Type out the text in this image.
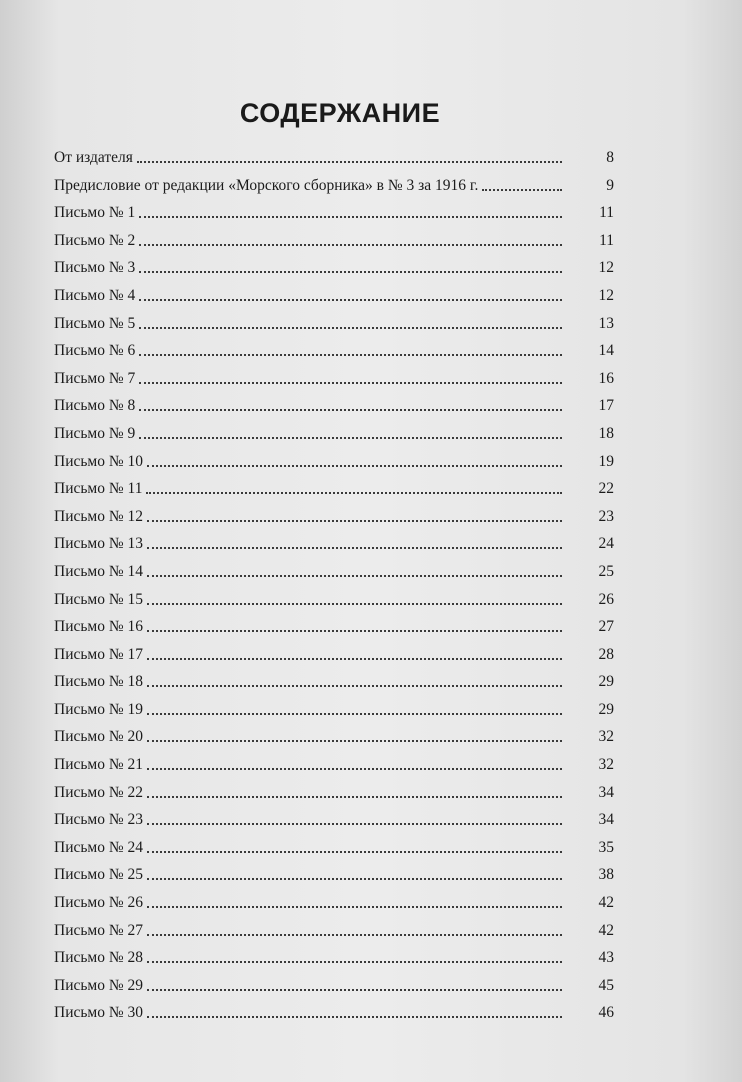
СОДЕРЖАНИЕ
От издателя	8
Предисловие от редакции «Морского сборника» в № 3 за 1916 г.	9
Письмо № 1	11
Письмо № 2	11
Письмо № 3	12
Письмо № 4	12
Письмо № 5	13
Письмо № 6	14
Письмо № 7	16
Письмо № 8	17
Письмо № 9	18
Письмо № 10	19
Письмо № 11	22
Письмо № 12	23
Письмо № 13	24
Письмо № 14	25
Письмо № 15	26
Письмо № 16	27
Письмо № 17	28
Письмо № 18	29
Письмо № 19	29
Письмо № 20	32
Письмо № 21	32
Письмо № 22	34
Письмо № 23	34
Письмо № 24	35
Письмо № 25	38
Письмо № 26	42
Письмо № 27	42
Письмо № 28	43
Письмо № 29	45
Письмо № 30	46
